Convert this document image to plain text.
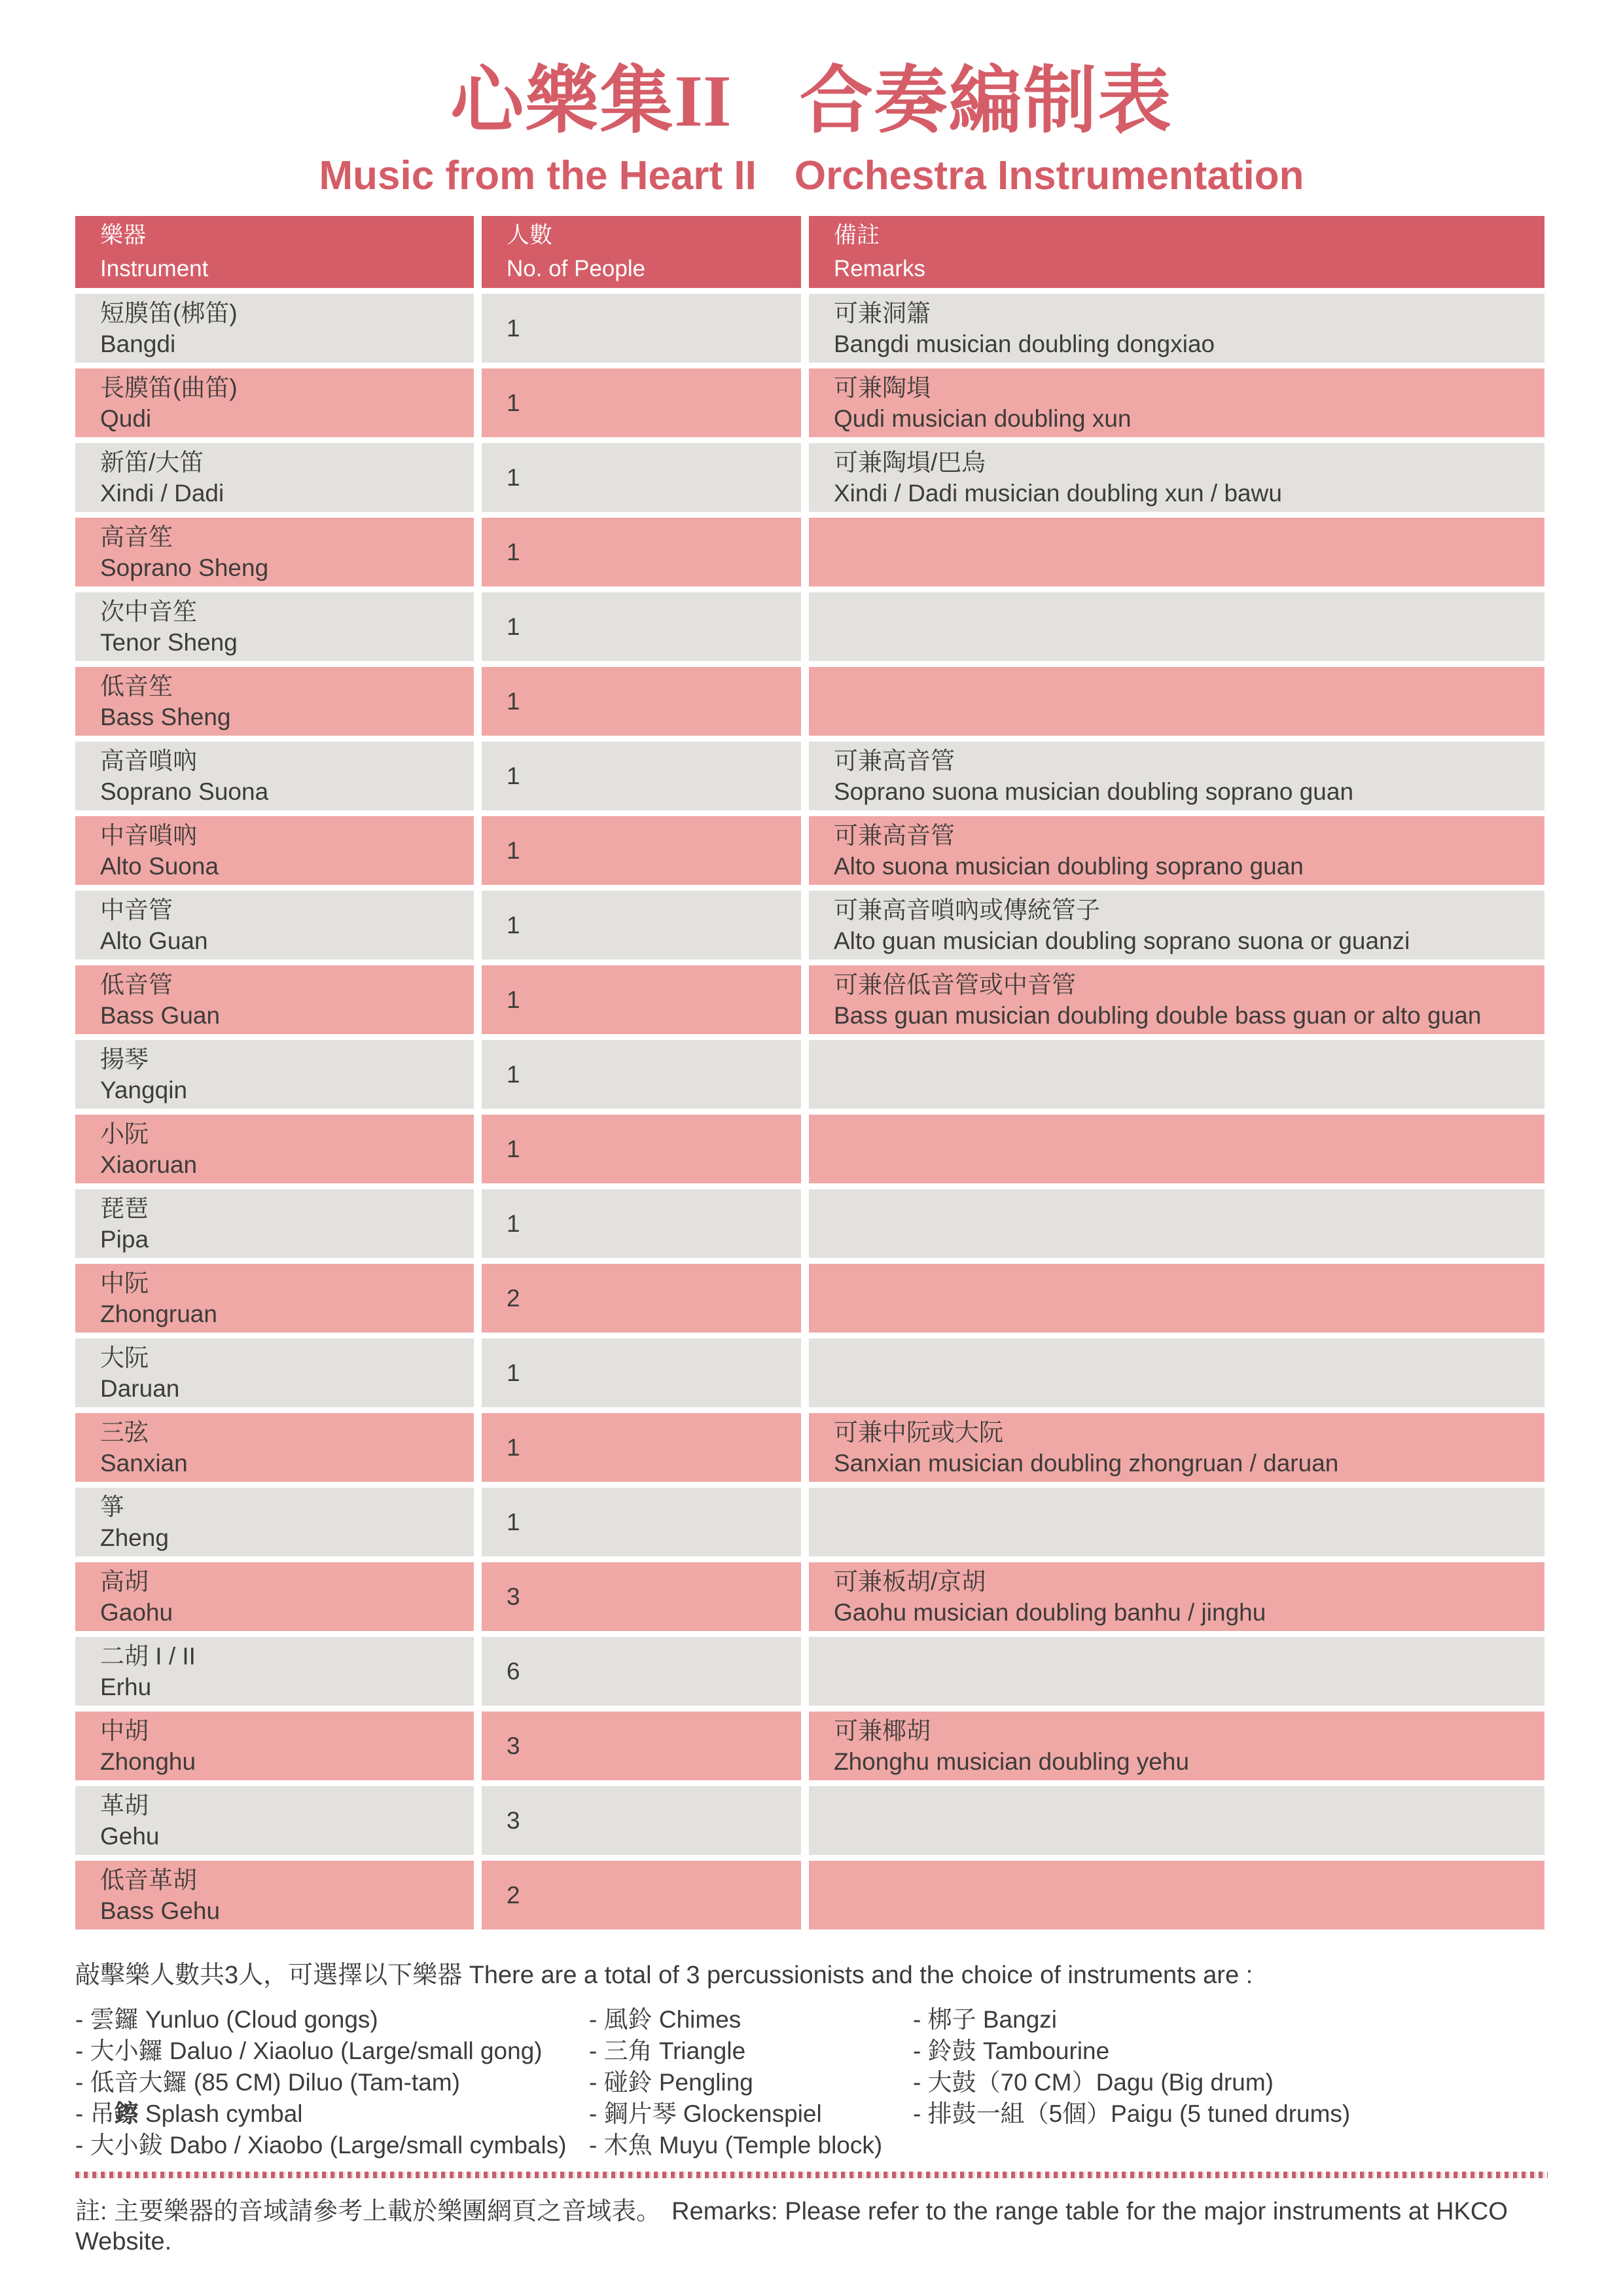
心樂集II 合奏編制表
Music from the Heart II Orchestra Instrumentation
樂器
Instrument
人數
No. of People
備註
Remarks
短膜笛(梆笛)
Bangdi
1
可兼洞簫
Bangdi musician doubling dongxiao
長膜笛(曲笛)
Qudi
1
可兼陶塤
Qudi musician doubling xun
新笛/大笛
Xindi / Dadi
1
可兼陶塤/巴烏
Xindi / Dadi musician doubling xun / bawu
高音笙
Soprano Sheng
1
次中音笙
Tenor Sheng
1
低音笙
Bass Sheng
1
高音嗩吶
Soprano Suona
1
可兼高音管
Soprano suona musician doubling soprano guan
中音嗩吶
Alto Suona
1
可兼高音管
Alto suona musician doubling soprano guan
中音管
Alto Guan
1
可兼高音嗩吶或傳統管子
Alto guan musician doubling soprano suona or guanzi
低音管
Bass Guan
1
可兼倍低音管或中音管
Bass guan musician doubling double bass guan or alto guan
揚琴
Yangqin
1
小阮
Xiaoruan
1
琵琶
Pipa
1
中阮
Zhongruan
2
大阮
Daruan
1
三弦
Sanxian
1
可兼中阮或大阮
Sanxian musician doubling zhongruan / daruan
箏
Zheng
1
高胡
Gaohu
3
可兼板胡/京胡
Gaohu musician doubling banhu / jinghu
二胡 I / II
Erhu
6
中胡
Zhonghu
3
可兼椰胡
Zhonghu musician doubling yehu
革胡
Gehu
3
低音革胡
Bass Gehu
2
敲擊樂人數共3人，可選擇以下樂器 There are a total of 3 percussionists and the choice of instruments are :
- 雲鑼 Yunluo (Cloud gongs)
- 大小鑼 Daluo / Xiaoluo (Large/small gong)
- 低音大鑼 (85 CM) Diluo (Tam-tam)
- 吊鑔 Splash cymbal
- 大小鈸 Dabo / Xiaobo (Large/small cymbals)
- 風鈴 Chimes
- 三角 Triangle
- 碰鈴 Pengling
- 鋼片琴 Glockenspiel
- 木魚 Muyu (Temple block)
- 梆子 Bangzi
- 鈴鼓 Tambourine
- 大鼓（70 CM）Dagu (Big drum)
- 排鼓一組（5個）Paigu (5 tuned drums)
註: 主要樂器的音域請參考上載於樂團網頁之音域表。 Remarks: Please refer to the range table for the major instruments at HKCO Website.
